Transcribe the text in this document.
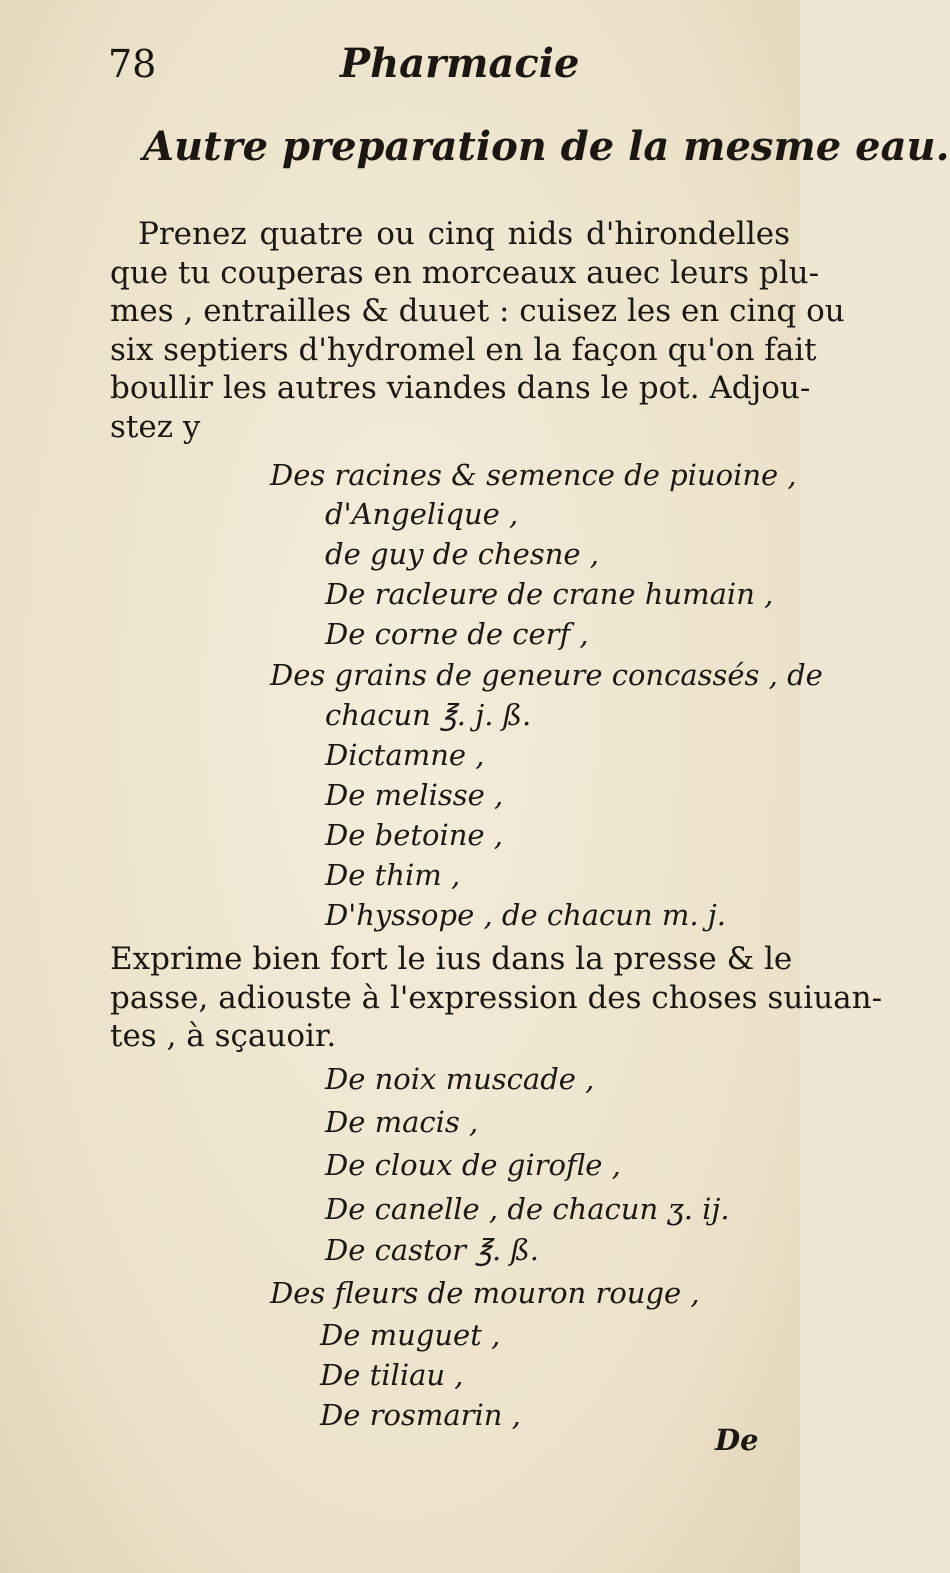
78	Pharmacie
Autre preparation de la mesme eau.
Prenez quatre ou cinq nids d'hirondelles
que tu couperas en morceaux auec leurs plu-
mes , entrailles & duuet : cuisez les en cinq ou
six septiers d'hydromel en la façon qu'on fait
boullir les autres viandes dans le pot. Adjou-
stez y
Des racines & semence de piuoine ,
d'Angelique ,
de guy de chesne ,
De racleure de crane humain ,
De corne de cerf ,
Des grains de geneure concassés , de
chacun ℥. j. ß.
Dictamne ,
De melisse ,
De betoine ,
De thim ,
D'hyssope , de chacun m. j.
Exprime bien fort le ius dans la presse & le
passe, adiouste à l'expression des choses suiuan-
tes , à sçauoir.
De noix muscade ,
De macis ,
De cloux de girofle ,
De canelle , de chacun ʒ. ij.
De castor ℥. ß.
Des fleurs de mouron rouge ,
De muguet ,
De tiliau ,
De rosmarin ,
De
